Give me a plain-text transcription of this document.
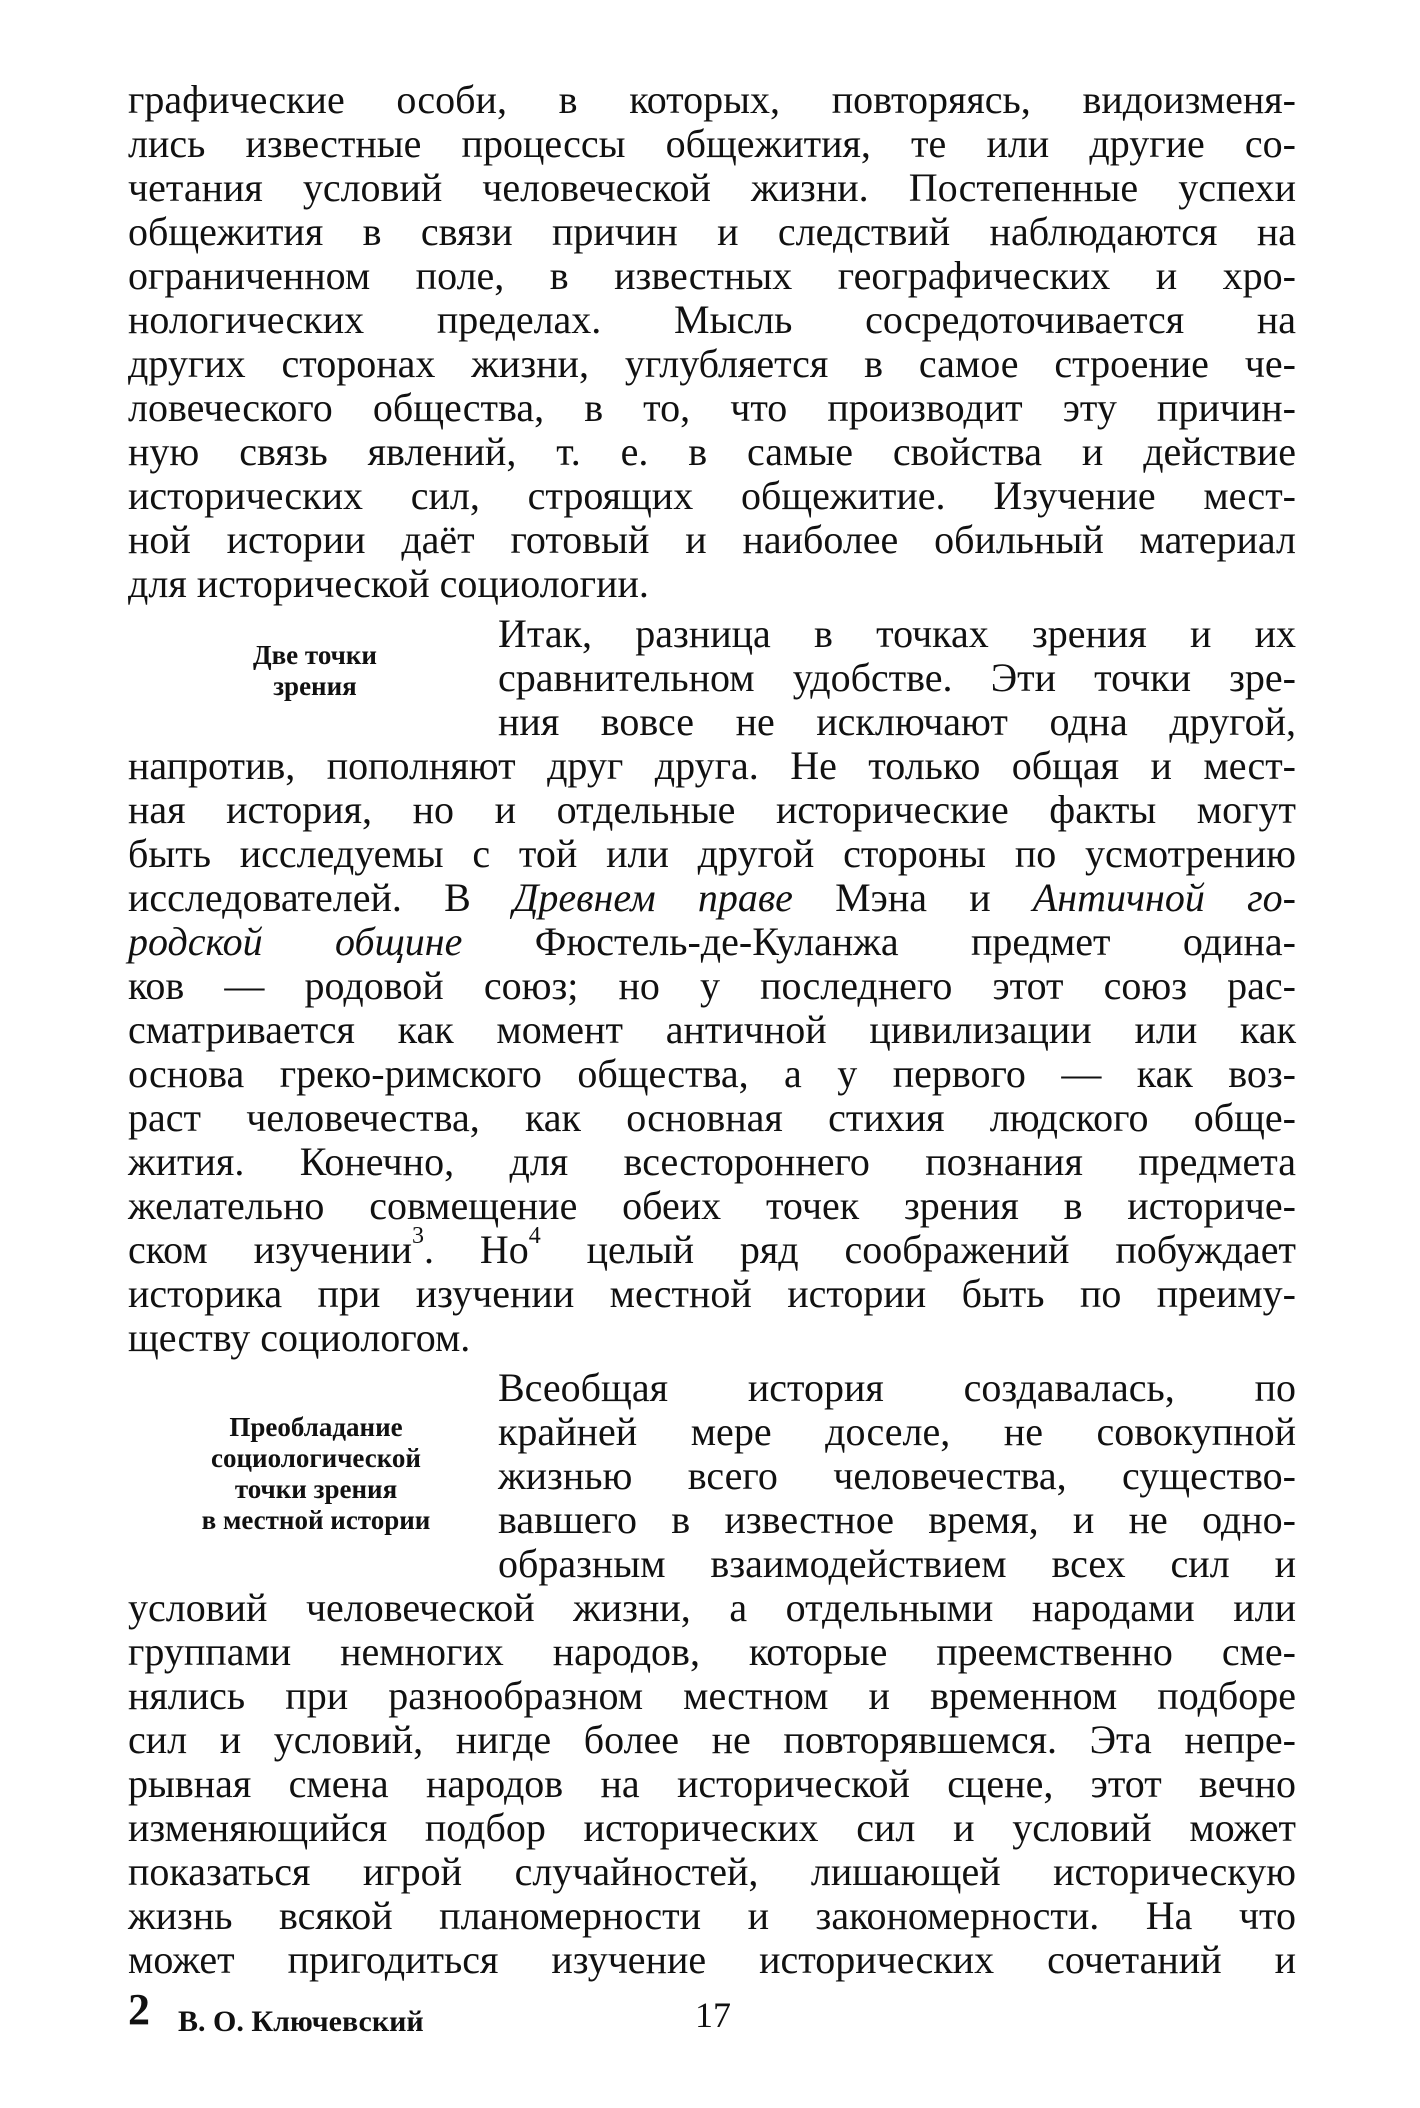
графические особи, в которых, повторяясь, видоизменя-
лись известные процессы общежития, те или другие со-
четания условий человеческой жизни. Постепенные успехи
общежития в связи причин и следствий наблюдаются на
ограниченном поле, в известных географических и хро-
нологических пределах. Мысль сосредоточивается на
других сторонах жизни, углубляется в самое строение че-
ловеческого общества, в то, что производит эту причин-
ную связь явлений, т. е. в самые свойства и действие
исторических сил, строящих общежитие. Изучение мест-
ной истории даёт готовый и наиболее обильный материал
для исторической социологии.
Две точки
зрения
Итак, разница в точках зрения и их
сравнительном удобстве. Эти точки зре-
ния вовсе не исключают одна другой,
напротив, пополняют друг друга. Не только общая и мест-
ная история, но и отдельные исторические факты могут
быть исследуемы с той или другой стороны по усмотрению
исследователей. В Древнем праве Мэна и Античной го-
родской общине Фюстель-де-Куланжа предмет одина-
ков — родовой союз; но у последнего этот союз рас-
сматривается как момент античной цивилизации или как
основа греко-римского общества, а у первого — как воз-
раст человечества, как основная стихия людского обще-
жития. Конечно, для всестороннего познания предмета
желательно совмещение обеих точек зрения в историче-
ском изучении$^3$. $Но^4$ целый ряд соображений побуждает
историка при изучении местной истории быть по преиму-
ществу социологом.
Преобладание
социологической
точки зрения
в местной истории
Всеобщая история создавалась, по
крайней мере доселе, не совокупной
жизнью всего человечества, существо-
вавшего в известное время, и не одно-
образным взаимодействием всех сил и
условий человеческой жизни, а отдельными народами или
группами немногих народов, которые преемственно сме-
нялись при разнообразном местном и временном подборе
сил и условий, нигде более не повторявшемся. Эта непре-
рывная смена народов на исторической сцене, этот вечно
изменяющийся подбор исторических сил и условий может
показаться игрой случайностей, лишающей историческую
жизнь всякой планомерности и закономерности. На что
может пригодиться изучение исторических сочетаний и
2 В. О. Ключевский	17
